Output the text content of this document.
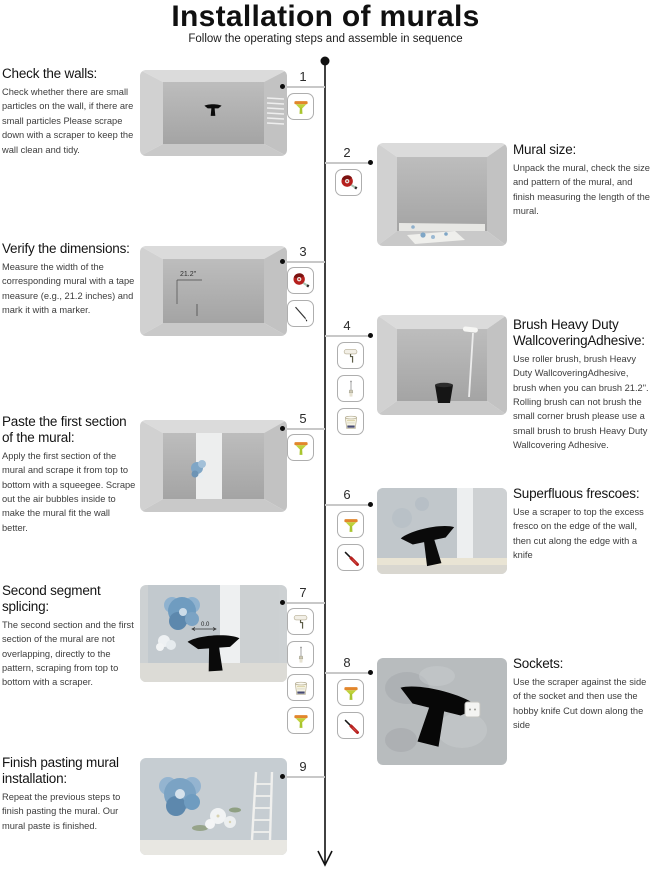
Installation of murals
Follow the operating steps and assemble in sequence
Check the walls:
Check whether there are small particles on the wall, if there are small particles Please scrape down with a scraper to keep the wall clean and tidy.
1
2	Mural size:
Unpack the mural, check the size and pattern of the mural, and finish measuring the length of the mural.
Verify the dimensions:
Measure the width of the corresponding mural with a tape measure (e.g., 21.2 inches) and mark it with a marker.
21.2"
3
4	Brush Heavy Duty WallcoveringAdhesive:
Use roller brush, brush Heavy Duty WallcoveringAdhesive, brush when you can brush 21.2". Rolling brush can not brush the small corner brush please use a small brush to brush Heavy Duty Wallcovering Adhesive.
Paste the first section of the mural:
Apply the first section of the mural and scrape it from top to bottom with a squeegee. Scrape out the air bubbles inside to make the mural fit the wall better.
5
6	Superfluous frescoes:
Use a scraper to top the excess fresco on the edge of the wall, then cut along the edge with a knife
Second segment splicing:
The second section and the first section of the mural are not overlapping, directly to the pattern, scraping from top to bottom with a scraper.
0.0
7
8	Sockets:
Use the scraper against the side of the socket and then use the hobby knife Cut down along the side
Finish pasting mural installation:
Repeat the previous steps to finish pasting the mural. Our mural paste is finished.
9
